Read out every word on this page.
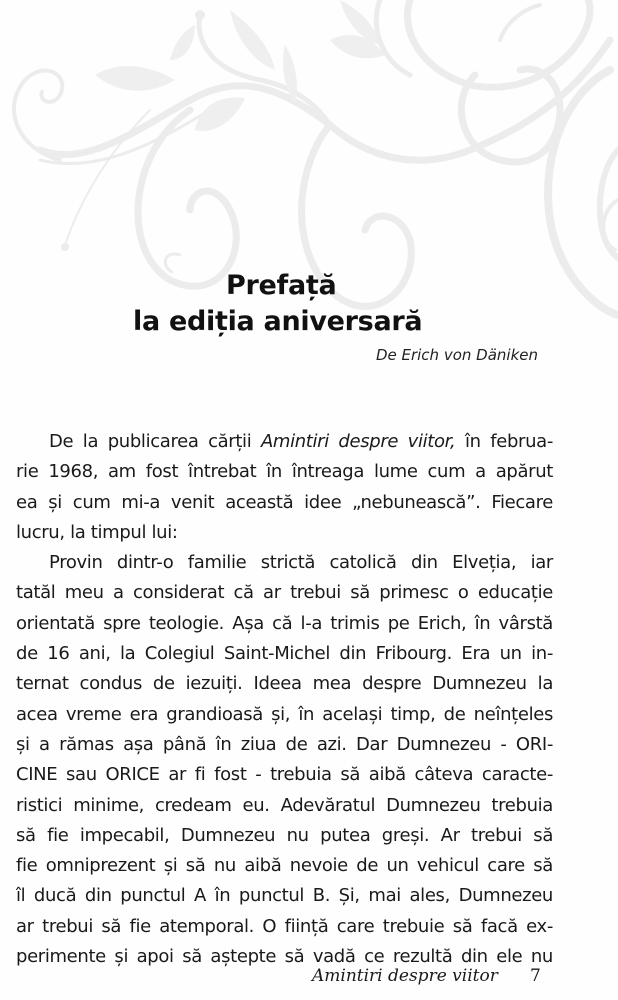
Prefață
la ediția aniversară
De Erich von Däniken
De la publicarea cărții Amintiri despre viitor, în februa-
rie 1968, am fost întrebat în întreaga lume cum a apărut
ea și cum mi-a venit această idee „nebunească”. Fiecare
lucru, la timpul lui:
Provin dintr-o familie strictă catolică din Elveția, iar
tatăl meu a considerat că ar trebui să primesc o educație
orientată spre teologie. Așa că l-a trimis pe Erich, în vârstă
de 16 ani, la Colegiul Saint-Michel din Fribourg. Era un in-
ternat condus de iezuiți. Ideea mea despre Dumnezeu la
acea vreme era grandioasă și, în același timp, de neînțeles
și a rămas așa până în ziua de azi. Dar Dumnezeu - ORI-
CINE sau ORICE ar fi fost - trebuia să aibă câteva caracte-
ristici minime, credeam eu. Adevăratul Dumnezeu trebuia
să fie impecabil, Dumnezeu nu putea greși. Ar trebui să
fie omniprezent și să nu aibă nevoie de un vehicul care să
îl ducă din punctul A în punctul B. Și, mai ales, Dumnezeu
ar trebui să fie atemporal. O ființă care trebuie să facă ex-
perimente și apoi să aștepte să vadă ce rezultă din ele nu
Amintiri despre viitor 7
